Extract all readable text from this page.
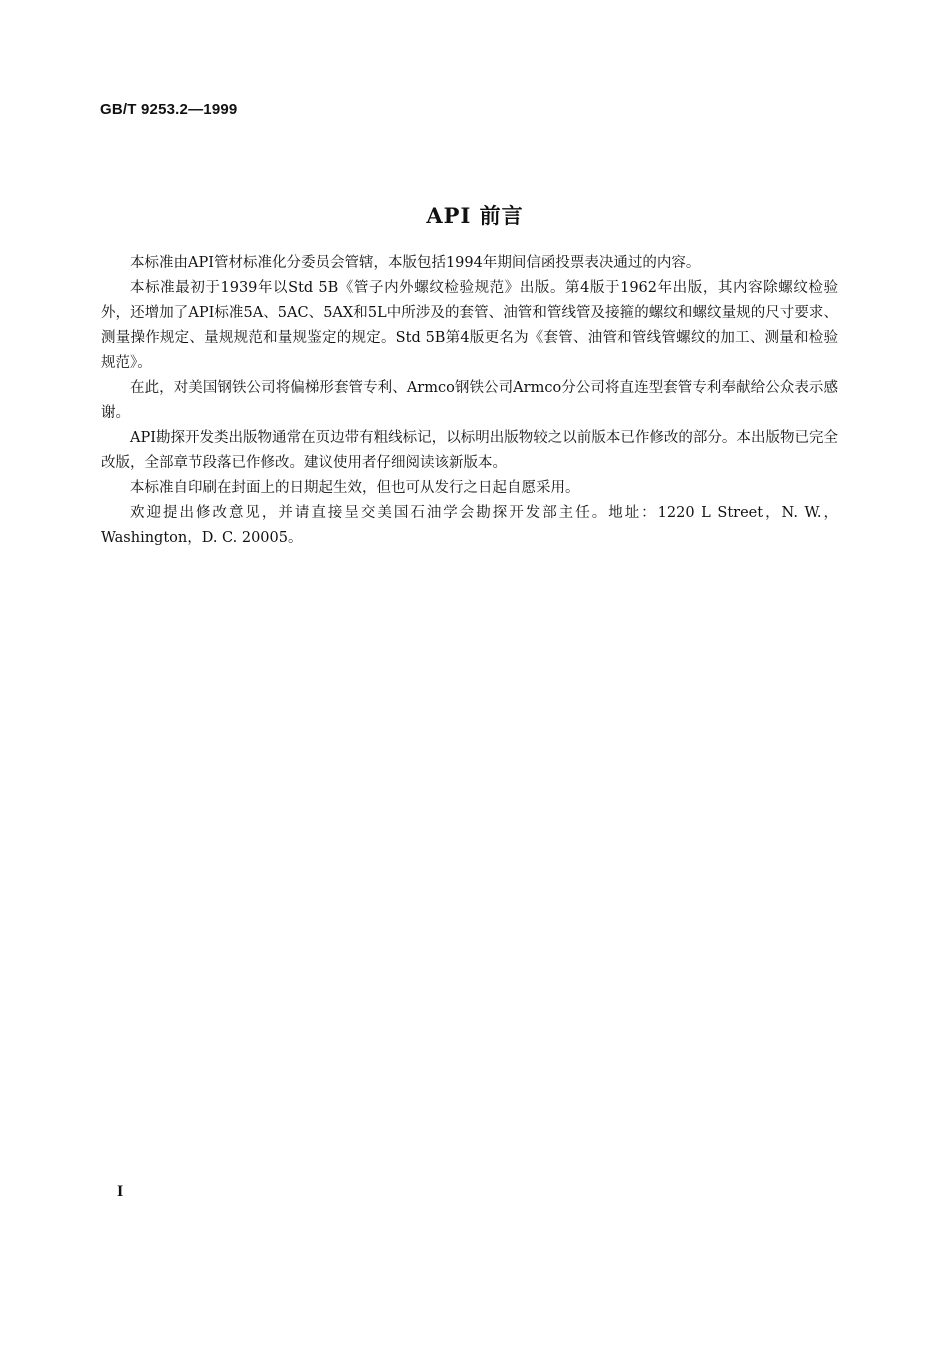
GB/T 9253.2—1999
API 前言

本标准由API管材标准化分委员会管辖，本版包括1994年期间信函投票表决通过的内容。

本标准最初于1939年以Std 5B《管子内外螺纹检验规范》出版。第4版于1962年出版，其内容除螺纹检验外，还增加了API标准5A、5AC、5AX和5L中所涉及的套管、油管和管线管及接箍的螺纹和螺纹量规的尺寸要求、测量操作规定、量规规范和量规鉴定的规定。Std 5B第4版更名为《套管、油管和管线管螺纹的加工、测量和检验规范》。

在此，对美国钢铁公司将偏梯形套管专利、Armco钢铁公司Armco分公司将直连型套管专利奉献给公众表示感谢。

API勘探开发类出版物通常在页边带有粗线标记，以标明出版物较之以前版本已作修改的部分。本出版物已完全改版，全部章节段落已作修改。建议使用者仔细阅读该新版本。

本标准自印刷在封面上的日期起生效，但也可从发行之日起自愿采用。

欢迎提出修改意见，并请直接呈交美国石油学会勘探开发部主任。地址：1220 L Street，N. W.，Washington，D. C. 20005。

I
